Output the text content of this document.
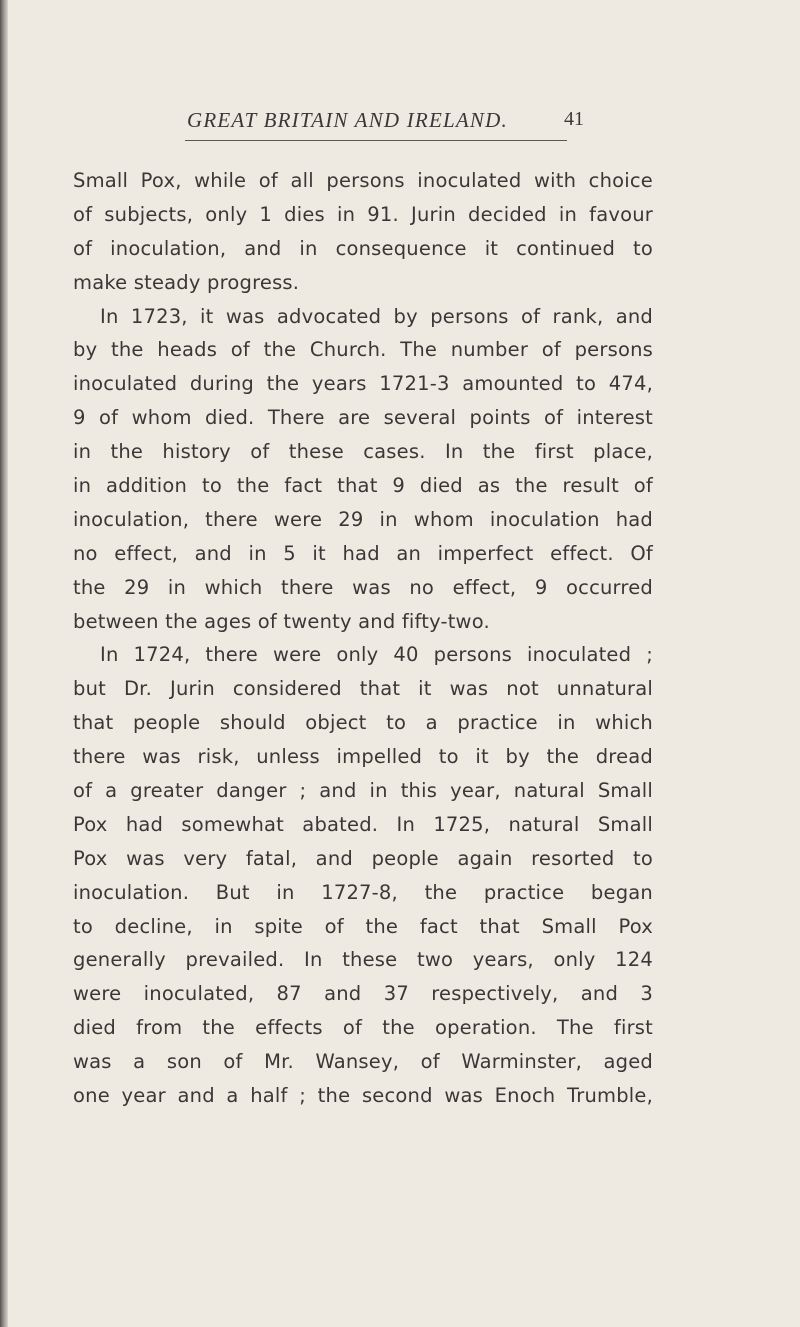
GREAT BRITAIN AND IRELAND.	41
Small Pox, while of all persons inoculated with choice
of subjects, only 1 dies in 91. Jurin decided in favour
of inoculation, and in consequence it continued to
make steady progress.
In 1723, it was advocated by persons of rank, and
by the heads of the Church. The number of persons
inoculated during the years 1721-3 amounted to 474,
9 of whom died. There are several points of interest
in the history of these cases. In the first place,
in addition to the fact that 9 died as the result of
inoculation, there were 29 in whom inoculation had
no effect, and in 5 it had an imperfect effect. Of
the 29 in which there was no effect, 9 occurred
between the ages of twenty and fifty-two.
In 1724, there were only 40 persons inoculated ;
but Dr. Jurin considered that it was not unnatural
that people should object to a practice in which
there was risk, unless impelled to it by the dread
of a greater danger ; and in this year, natural Small
Pox had somewhat abated. In 1725, natural Small
Pox was very fatal, and people again resorted to
inoculation. But in 1727-8, the practice began
to decline, in spite of the fact that Small Pox
generally prevailed. In these two years, only 124
were inoculated, 87 and 37 respectively, and 3
died from the effects of the operation. The first
was a son of Mr. Wansey, of Warminster, aged
one year and a half ; the second was Enoch Trumble,
